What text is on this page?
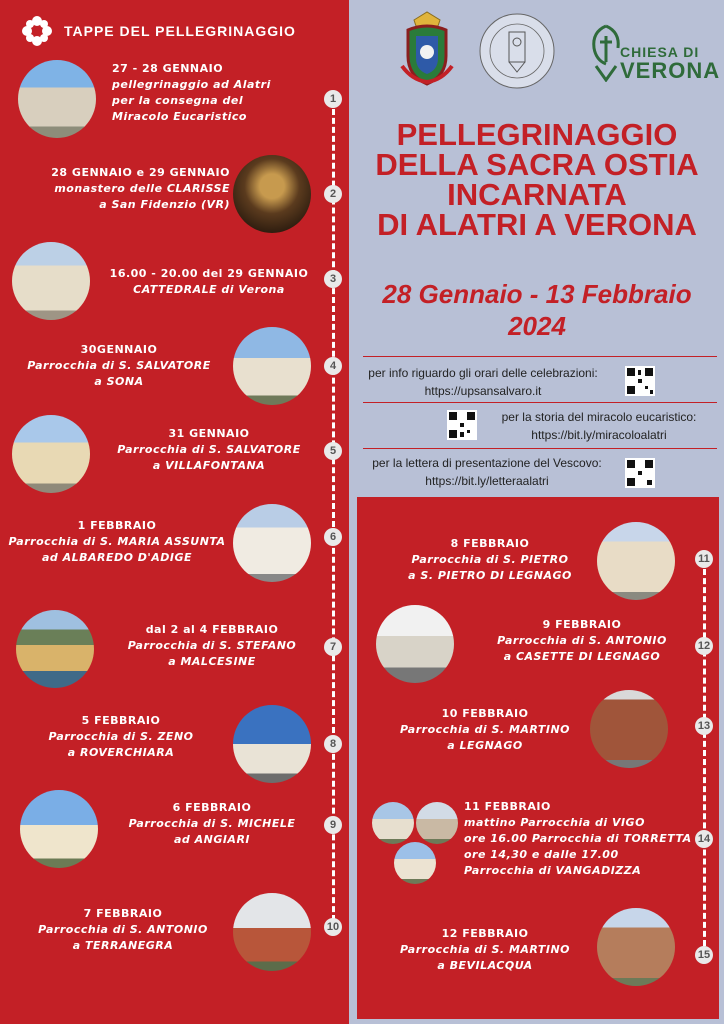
TAPPE DEL PELLEGRINAGGIO
CHIESA DI
VERONA
PELLEGRINAGGIO
DELLA SACRA OSTIA
INCARNATA
DI ALATRI A VERONA
28 Gennaio - 13 Febbraio
2024
per info riguardo gli orari delle celebrazioni:
https://upsansalvaro.it
per la storia del miracolo eucaristico:
https://bit.ly/miracoloalatri
per la lettera di presentazione del Vescovo:
https://bit.ly/letteraalatri
27 - 28 GENNAIO
pellegrinaggio ad Alatri
per la consegna del
Miracolo Eucaristico
1
28 GENNAIO e 29 GENNAIO
monastero delle CLARISSE
a San Fidenzio (VR)
2
16.00 - 20.00 del 29 GENNAIO
CATTEDRALE di Verona
3
30GENNAIO
Parrocchia di S. SALVATORE
a SONA
4
31 GENNAIO
Parrocchia di S. SALVATORE
a VILLAFONTANA
5
1 FEBBRAIO
Parrocchia di S. MARIA ASSUNTA
ad ALBAREDO D'ADIGE
6
dal 2 al 4 FEBBRAIO
Parrocchia di S. STEFANO
a MALCESINE
7
5 FEBBRAIO
Parrocchia di S. ZENO
a ROVERCHIARA
8
6 FEBBRAIO
Parrocchia di S. MICHELE
ad ANGIARI
9
7 FEBBRAIO
Parrocchia di S. ANTONIO
a TERRANEGRA
10
8 FEBBRAIO
Parrocchia di S. PIETRO
a S. PIETRO DI LEGNAGO
11
9 FEBBRAIO
Parrocchia di S. ANTONIO
a CASETTE DI LEGNAGO
12
10 FEBBRAIO
Parrocchia di S. MARTINO
a LEGNAGO
13
11 FEBBRAIO
mattino Parrocchia di VIGO
ore 16.00 Parrocchia di TORRETTA
ore 14,30 e dalle 17.00
Parrocchia di VANGADIZZA
14
12 FEBBRAIO
Parrocchia di S. MARTINO
a BEVILACQUA
15
